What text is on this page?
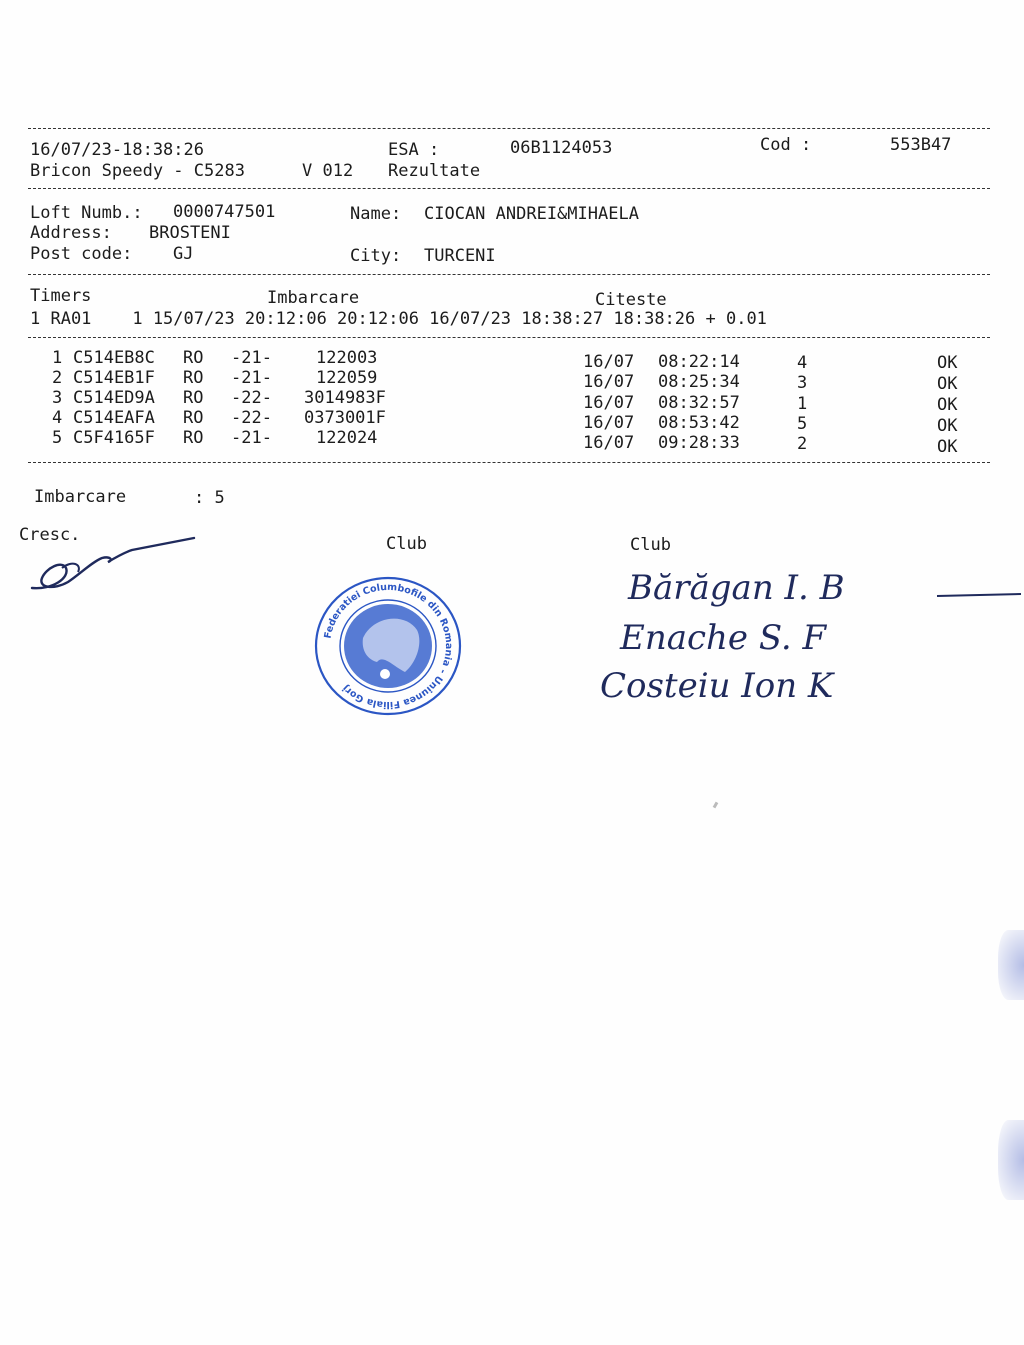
16/07/23-18:38:26	ESA :	06B1124053	Cod :	553B47
Bricon Speedy - C5283	V 012 Rezultate
Loft Numb.: 0000747501	Name: CIOCAN ANDREI&MIHAELA
Address: BROSTENI
Post code: GJ	City: TURCENI
Timers	Imbarcare	Citeste
1 RA01    1 15/07/23 20:12:06 20:12:06 16/07/23 18:38:27 18:38:26 + 0.01
1 C514EB8C RO -21-	122003	16/07 08:22:14	4	OK
2 C514EB1F RO -21-	122059	16/07 08:25:34	3	OK
3 C514ED9A RO -22- 3014983F	16/07 08:32:57	1	OK
4 C514EAFA RO -22- 0373001F	16/07 08:53:42	5	OK
5 C5F4165F RO -21-	122024	16/07 09:28:33	2	OK
Imbarcare	: 5
Cresc.	Club	Club
Federatiei Columbofile din Romania - Uniunea Filiala Gorj
Bărăgan I. B
Enache S. F
Costeiu Ion K
